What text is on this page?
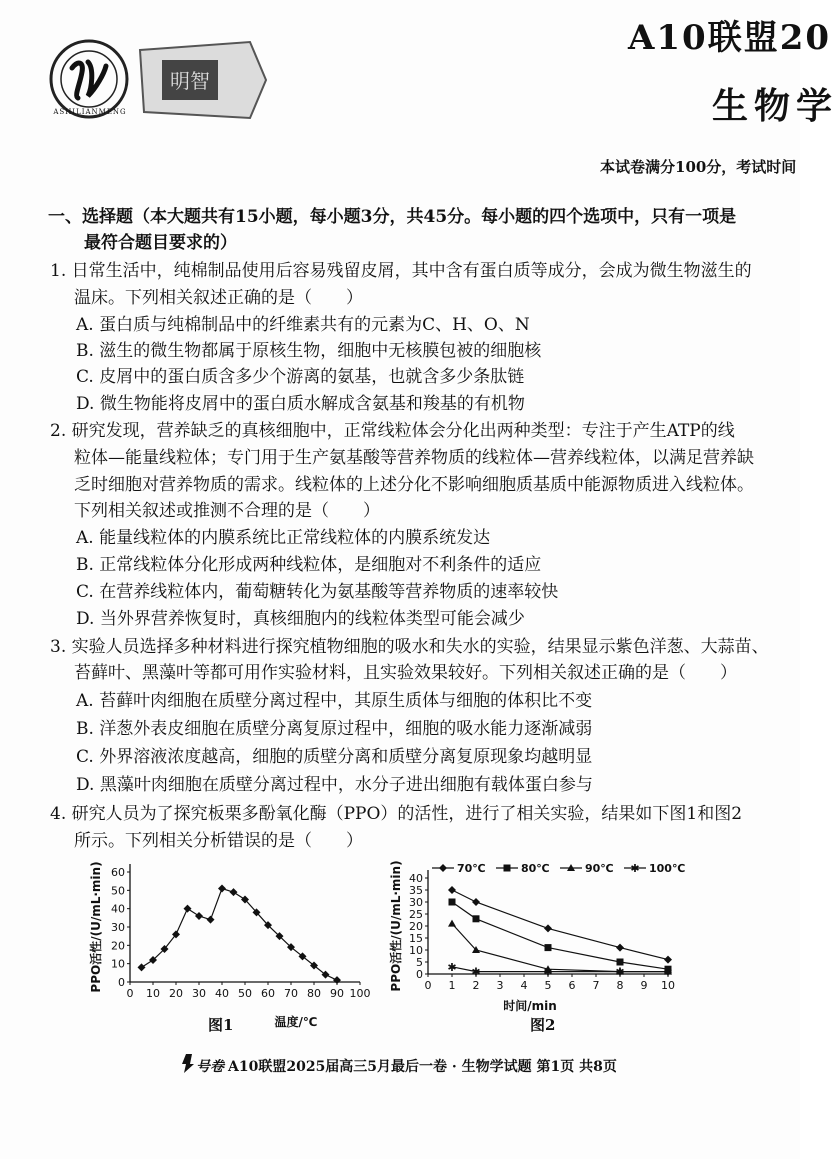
ASHILIANMENG
明智
A10联盟20
生物学
本试卷满分100分，考试时间
一、选择题（本大题共有15小题，每小题3分，共45分。每小题的四个选项中，只有一项是
最符合题目要求的）
1. 日常生活中，纯棉制品使用后容易残留皮屑，其中含有蛋白质等成分，会成为微生物滋生的
温床。下列相关叙述正确的是（　　）
A. 蛋白质与纯棉制品中的纤维素共有的元素为C、H、O、N
B. 滋生的微生物都属于原核生物，细胞中无核膜包被的细胞核
C. 皮屑中的蛋白质含多少个游离的氨基，也就含多少条肽链
D. 微生物能将皮屑中的蛋白质水解成含氨基和羧基的有机物
2. 研究发现，营养缺乏的真核细胞中，正常线粒体会分化出两种类型：专注于产生ATP的线
粒体—能量线粒体；专门用于生产氨基酸等营养物质的线粒体—营养线粒体，以满足营养缺
乏时细胞对营养物质的需求。线粒体的上述分化不影响细胞质基质中能源物质进入线粒体。
下列相关叙述或推测不合理的是（　　）
A. 能量线粒体的内膜系统比正常线粒体的内膜系统发达
B. 正常线粒体分化形成两种线粒体，是细胞对不利条件的适应
C. 在营养线粒体内，葡萄糖转化为氨基酸等营养物质的速率较快
D. 当外界营养恢复时，真核细胞内的线粒体类型可能会减少
3. 实验人员选择多种材料进行探究植物细胞的吸水和失水的实验，结果显示紫色洋葱、大蒜苗、
苔藓叶、黑藻叶等都可用作实验材料，且实验效果较好。下列相关叙述正确的是（　　）
A. 苔藓叶肉细胞在质壁分离过程中，其原生质体与细胞的体积比不变
B. 洋葱外表皮细胞在质壁分离复原过程中，细胞的吸水能力逐渐减弱
C. 外界溶液浓度越高，细胞的质壁分离和质壁分离复原现象均越明显
D. 黑藻叶肉细胞在质壁分离过程中，水分子进出细胞有载体蛋白参与
4. 研究人员为了探究板栗多酚氧化酶（PPO）的活性，进行了相关实验，结果如下图1和图2
所示。下列相关分析错误的是（　　）
0 10 20 30 40 50 60 70 80 90 100
0
10
20
30
40
50
60
温度/℃
PPO活性/(U/mL·min)
图1
0 1 2 3 4 5 6 7 8 9 10
0
5
10
15
20
25
30
35
40
时间/min
PPO活性/(U/mL·min)	✱ ✱	✱	✱	✱
70℃	80℃	90℃ ✱ 100℃
图2
号卷 A10联盟2025届高三5月最后一卷 · 生物学试题 第1页 共8页
